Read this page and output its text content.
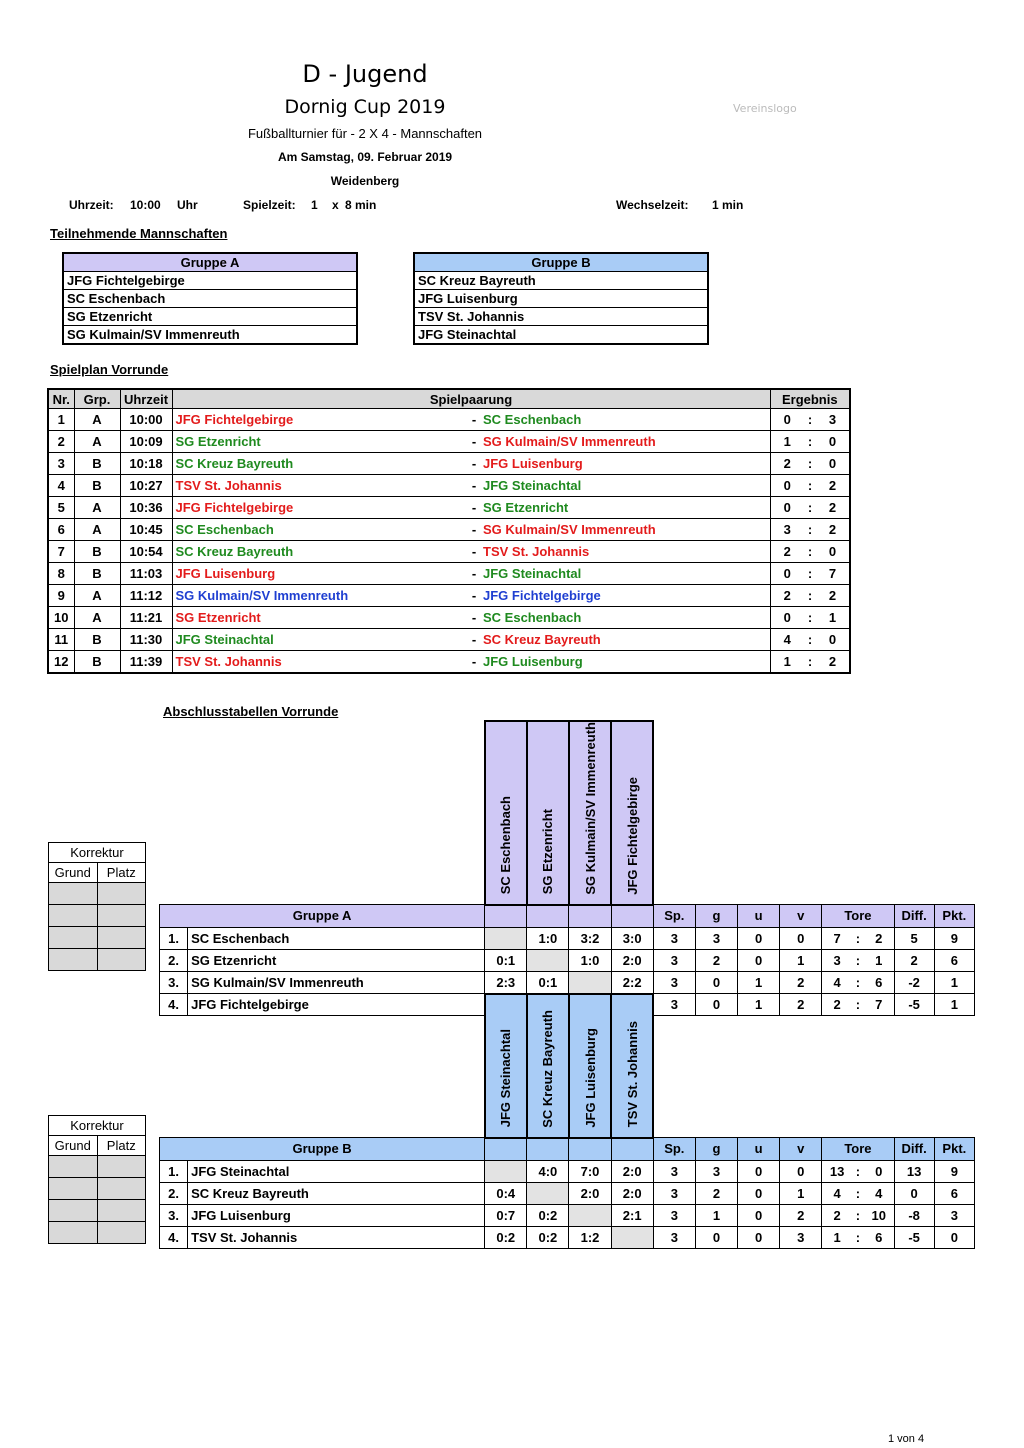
D - Jugend
Dornig Cup 2019	Vereinslogo
Fußballturnier für - 2 X 4 - Mannschaften
Am Samstag, 09. Februar 2019
Weidenberg
Uhrzeit: 10:00 Uhr	Spielzeit: 1 x 8 min	Wechselzeit: 1 min
Teilnehmende Mannschaften
Gruppe A
JFG Fichtelgebirge
SC Eschenbach
SG Etzenricht
SG Kulmain/SV Immenreuth
Gruppe B
SC Kreuz Bayreuth
JFG Luisenburg
TSV St. Johannis
JFG Steinachtal
Spielplan Vorrunde
Nr.	Grp.	Uhrzeit	Spielpaarung			Ergebnis		
1	A	10:00	JFG Fichtelgebirge	-	SC Eschenbach	0	:	3
2	A	10:09	SG Etzenricht	-	SG Kulmain/SV Immenreuth	1	:	0
3	B	10:18	SC Kreuz Bayreuth	-	JFG Luisenburg	2	:	0
4	B	10:27	TSV St. Johannis	-	JFG Steinachtal	0	:	2
5	A	10:36	JFG Fichtelgebirge	-	SG Etzenricht	0	:	2
6	A	10:45	SC Eschenbach	-	SG Kulmain/SV Immenreuth	3	:	2
7	B	10:54	SC Kreuz Bayreuth	-	TSV St. Johannis	2	:	0
8	B	11:03	JFG Luisenburg	-	JFG Steinachtal	0	:	7
9	A	11:12	SG Kulmain/SV Immenreuth	-	JFG Fichtelgebirge	2	:	2
10	A	11:21	SG Etzenricht	-	SC Eschenbach	0	:	1
11	B	11:30	JFG Steinachtal	-	SC Kreuz Bayreuth	4	:	0
12	B	11:39	TSV St. Johannis	-	JFG Luisenburg	1	:	2
Abschlusstabellen Vorrunde
Korrektur	
Grund	Platz

Korrektur	
Grund	Platz

		SC Eschenbach	SG Etzenricht	SG Kulmain/SV Immenreuth	JFG Fichtelgebirge									
Gruppe A						Sp.	g	u	v	Tore			Diff.	Pkt.
1.	SC Eschenbach		1:0	3:2	3:0	3	3	0	0	7	:	2	5	9
2.	SG Etzenricht	0:1		1:0	2:0	3	2	0	1	3	:	1	2	6
3.	SG Kulmain/SV Immenreuth	2:3	0:1		2:2	3	0	1	2	4	:	6	-2	1
4.	JFG Fichtelgebirge					3	0	1	2	2	:	7	-5	1
		JFG Steinachtal	SC Kreuz Bayreuth	JFG Luisenburg	TSV St. Johannis									
Gruppe B						Sp.	g	u	v	Tore			Diff.	Pkt.
1.	JFG Steinachtal		4:0	7:0	2:0	3	3	0	0	13	:	0	13	9
2.	SC Kreuz Bayreuth	0:4		2:0	2:0	3	2	0	1	4	:	4	0	6
3.	JFG Luisenburg	0:7	0:2		2:1	3	1	0	2	2	:	10	-8	3
4.	TSV St. Johannis	0:2	0:2	1:2		3	0	0	3	1	:	6	-5	0
1 von 4
